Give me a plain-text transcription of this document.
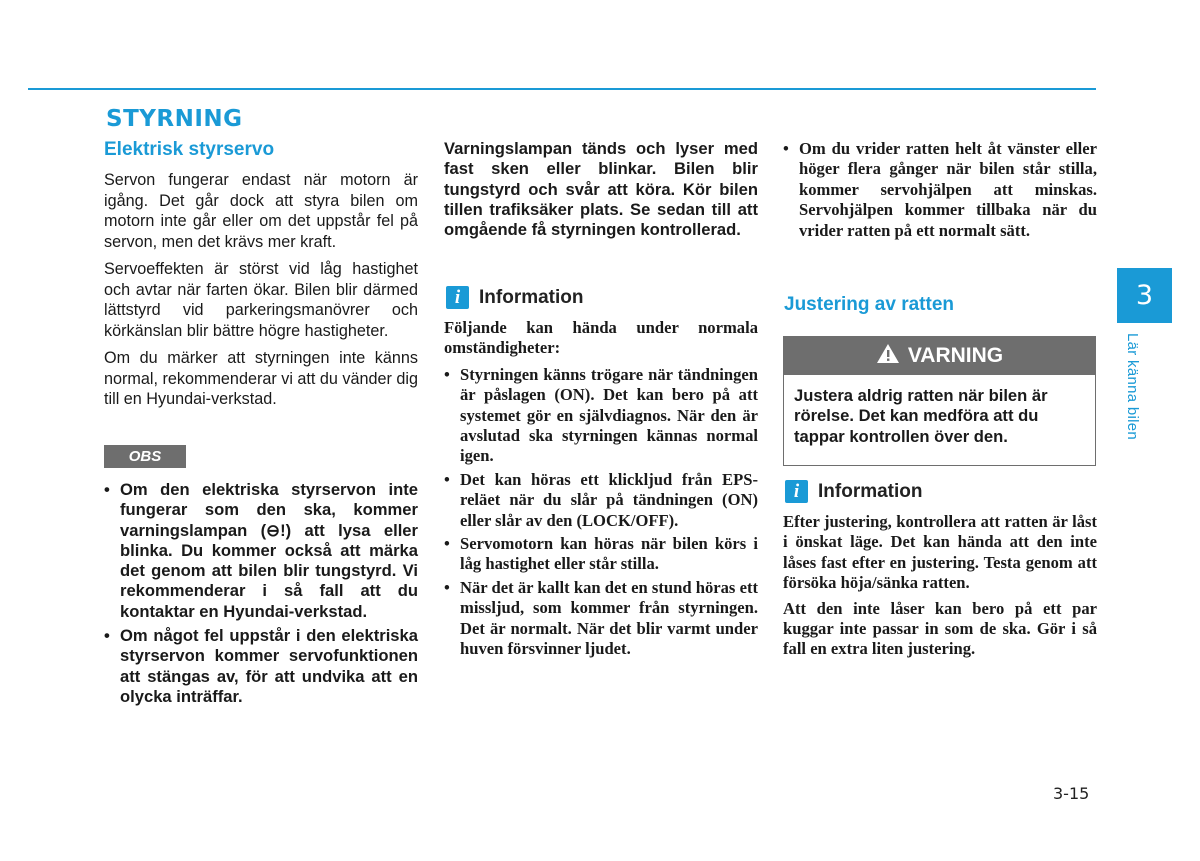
STYRNING
Elektrisk styrservo

Servon fungerar endast när motorn är igång. Det går dock att styra bilen om motorn inte går eller om det uppstår fel på servon, men det krävs mer kraft.

Servoeffekten är störst vid låg hastighet och avtar när farten ökar. Bilen blir därmed lättstyrd vid parkeringsmanövrer och körkänslan blir bättre högre hastigheter.

Om du märker att styrningen inte känns normal, rekommenderar vi att du vänder dig till en Hyundai-verkstad.

OBS
• Om den elektriska styrservon inte fungerar som den ska, kommer varningslampan (⊖!) att lysa eller blinka. Du kommer också att märka det genom att bilen blir tungstyrd. Vi rekommenderar i så fall att du kontaktar en Hyundai-verkstad.
• Om något fel uppstår i den elektriska styrservon kommer servofunktionen att stängas av, för att undvika att en olycka inträffar.

Varningslampan tänds och lyser med fast sken eller blinkar. Bilen blir tungstyrd och svår att köra. Kör bilen tillen trafiksäker plats. Se sedan till att omgående få styrningen kontrollerad.

i Information

Följande kan hända under normala omständigheter:

• Styrningen känns trögare när tändningen är påslagen (ON). Det kan bero på att systemet gör en självdiagnos. När den är avslutad ska styrningen kännas normal igen.
• Det kan höras ett klickljud från EPS-reläet när du slår på tändningen (ON) eller slår av den (LOCK/OFF).
• Servomotorn kan höras när bilen körs i låg hastighet eller står stilla.
• När det är kallt kan det en stund höras ett missljud, som kommer från styrningen. Det är normalt. När det blir varmt under huven försvinner ljudet.
• Om du vrider ratten helt åt vänster eller höger flera gånger när bilen står stilla, kommer servohjälpen att minskas. Servohjälpen kommer tillbaka när du vrider ratten på ett normalt sätt.
Justering av ratten
VARNING
Justera aldrig ratten när bilen är rörelse. Det kan medföra att du tappar kontrollen över den.
i Information

Efter justering, kontrollera att ratten är låst i önskat läge. Det kan hända att den inte låses fast efter en justering. Testa genom att försöka höja/sänka ratten.

Att den inte låser kan bero på ett par kuggar inte passar in som de ska. Gör i så fall en extra liten justering.

3
Lär känna bilen
3-15
